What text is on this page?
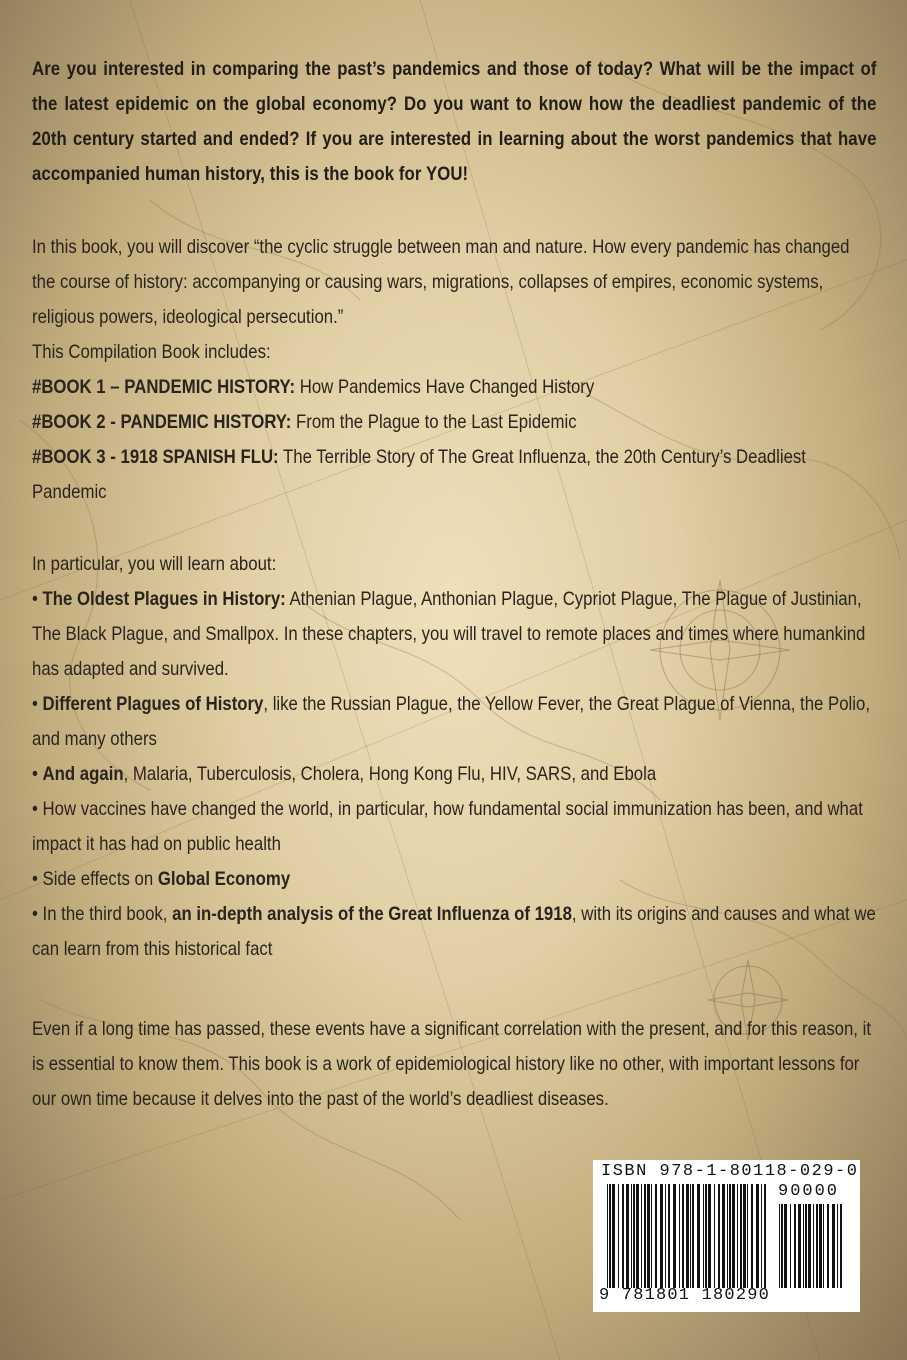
Are you interested in comparing the past’s pandemics and those of today? What will be the impact of the latest epidemic on the global economy? Do you want to know how the deadliest pandemic of the 20th century started and ended? If you are interested in learning about the worst pandemics that have accompanied human history, this is the book for YOU!

In this book, you will discover “the cyclic struggle between man and nature. How every pandemic has changed the course of history: accompanying or causing wars, migrations, collapses of empires, economic systems, religious powers, ideological persecution.”

This Compilation Book includes:

#BOOK 1 – PANDEMIC HISTORY: How Pandemics Have Changed History

#BOOK 2 - PANDEMIC HISTORY: From the Plague to the Last Epidemic

#BOOK 3 - 1918 SPANISH FLU: The Terrible Story of The Great Influenza, the 20th Century’s Deadliest Pandemic

In particular, you will learn about:

• The Oldest Plagues in History: Athenian Plague, Anthonian Plague, Cypriot Plague, The Plague of Justinian, The Black Plague, and Smallpox. In these chapters, you will travel to remote places and times where humankind has adapted and survived.

• Different Plagues of History, like the Russian Plague, the Yellow Fever, the Great Plague of Vienna, the Polio, and many others

• And again, Malaria, Tuberculosis, Cholera, Hong Kong Flu, HIV, SARS, and Ebola

• How vaccines have changed the world, in particular, how fundamental social immunization has been, and what impact it has had on public health

• Side effects on Global Economy

• In the third book, an in-depth analysis of the Great Influenza of 1918, with its origins and causes and what we can learn from this historical fact

Even if a long time has passed, these events have a significant correlation with the present, and for this reason, it is essential to know them. This book is a work of epidemiological history like no other, with important lessons for our own time because it delves into the past of the world’s deadliest diseases.

ISBN 978-1-80118-029-0
90000
9 781801 180290
